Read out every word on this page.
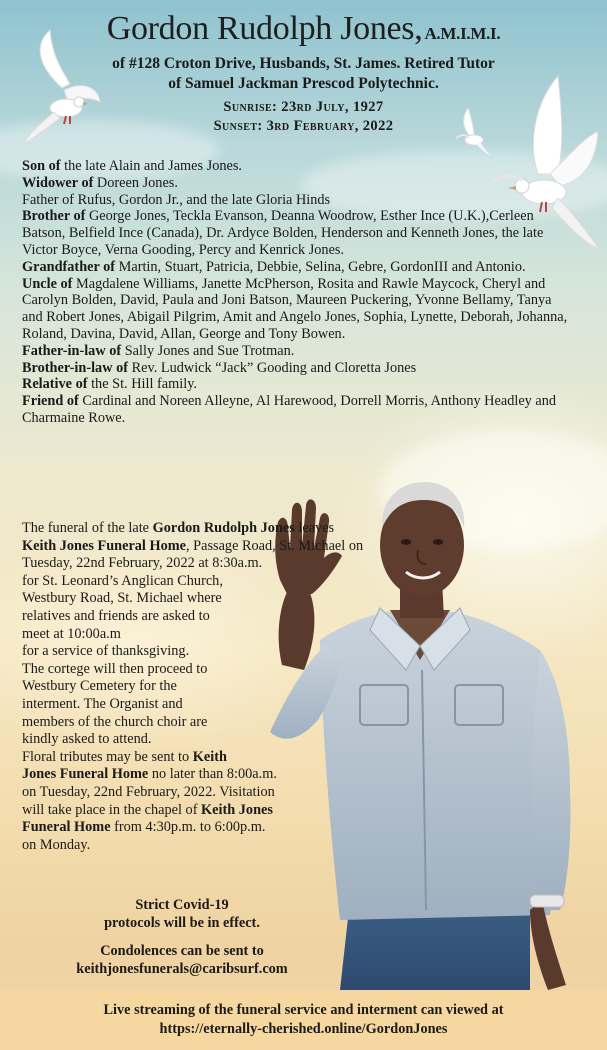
Gordon Rudolph Jones, A.M.I.M.I.

of #128 Croton Drive, Husbands, St. James. Retired Tutor
of Samuel Jackman Prescod Polytechnic.

Sunrise: 23rd July, 1927
Sunset: 3rd February, 2022

Son of the late Alain and James Jones.

Widower of Doreen Jones.

Father of Rufus, Gordon Jr., and the late Gloria Hinds

Brother of George Jones, Teckla Evanson, Deanna Woodrow, Esther Ince (U.K.),Cerleen Batson, Belfield Ince (Canada), Dr. Ardyce Bolden, Henderson and Kenneth Jones, the late Victor Boyce, Verna Gooding, Percy and Kenrick Jones.

Grandfather of Martin, Stuart, Patricia, Debbie, Selina, Gebre, GordonIII and Antonio.

Uncle of Magdalene Williams, Janette McPherson, Rosita and Rawle Maycock, Cheryl and Carolyn Bolden, David, Paula and Joni Batson, Maureen Puckering, Yvonne Bellamy, Tanya and Robert Jones, Abigail Pilgrim, Amit and Angelo Jones, Sophia, Lynette, Deborah, Johanna, Roland, Davina, David, Allan, George and Tony Bowen.

Father-in-law of Sally Jones and Sue Trotman.

Brother-in-law of Rev. Ludwick “Jack” Gooding and Cloretta Jones

Relative of the St. Hill family.

Friend of Cardinal and Noreen Alleyne, Al Harewood, Dorrell Morris, Anthony Headley and Charmaine Rowe.

The funeral of the late Gordon Rudolph Jones leaves
Keith Jones Funeral Home, Passage Road, St. Michael on Tuesday, 22nd February, 2022 at 8:30a.m.

for St. Leonard’s Anglican Church,

Westbury Road, St. Michael where

relatives and friends are asked to

meet at 10:00a.m

for a service of thanksgiving.

The cortege will then proceed to

Westbury Cemetery for the

interment. The Organist and

members of the church choir are

kindly asked to attend.

Floral tributes may be sent to Keith
Jones Funeral Home no later than 8:00a.m.
on Tuesday, 22nd February, 2022. Visitation
will take place in the chapel of Keith Jones
Funeral Home from 4:30p.m. to 6:00p.m.
on Monday.

Strict Covid-19
protocols will be in effect.
Condolences can be sent to
keithjonesfunerals@caribsurf.com
Live streaming of the funeral service and interment can viewed at
https://eternally-cherished.online/GordonJones
